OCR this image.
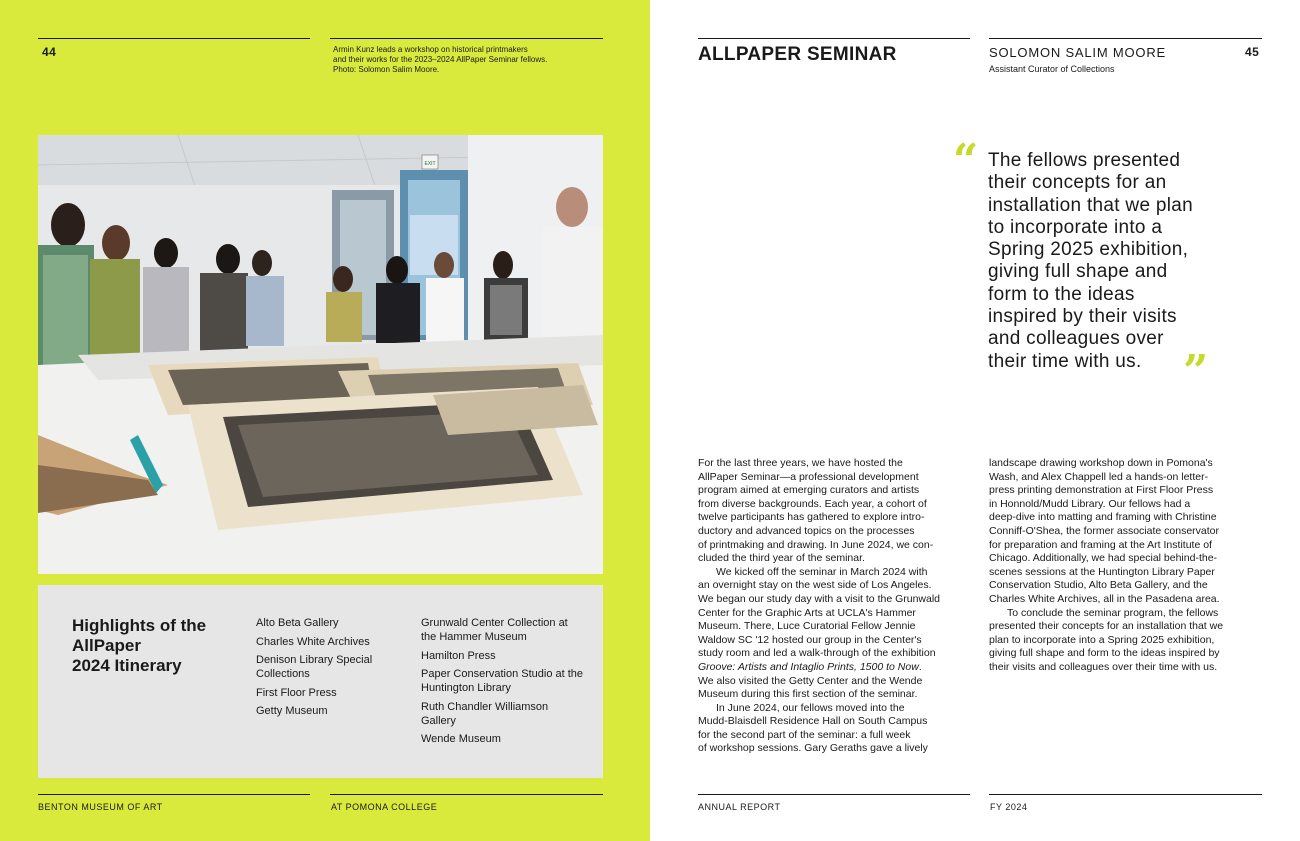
44	Armin Kunz leads a workshop on historical printmakers
and their works for the 2023–2024 AllPaper Seminar fellows.
Photo: Solomon Salim Moore.
EXIT
Highlights of the
AllPaper
2024 Itinerary
Alto Beta Gallery
Charles White Archives
Denison Library Special Collections
First Floor Press
Getty Museum
Grunwald Center Collection at the Hammer Museum
Hamilton Press
Paper Conservation Studio at the Huntington Library
Ruth Chandler Williamson Gallery
Wende Museum
BENTON MUSEUM OF ART	AT POMONA COLLEGE
ALLPAPER SEMINAR	SOLOMON SALIM MOORE
Assistant Curator of Collections
45
“ The fellows presented
their concepts for an
installation that we plan
to incorporate into a
Spring 2025 exhibition,
giving full shape and
form to the ideas
inspired by their visits
and colleagues over
their time with us. ”
For the last three years, we have hosted the
AllPaper Seminar—a professional development
program aimed at emerging curators and artists
from diverse backgrounds. Each year, a cohort of
twelve participants has gathered to explore intro-
ductory and advanced topics on the processes
of printmaking and drawing. In June 2024, we con-
cluded the third year of the seminar.
We kicked off the seminar in March 2024 with
an overnight stay on the west side of Los Angeles.
We began our study day with a visit to the Grunwald
Center for the Graphic Arts at UCLA's Hammer
Museum. There, Luce Curatorial Fellow Jennie
Waldow SC '12 hosted our group in the Center's
study room and led a walk-through of the exhibition
Groove: Artists and Intaglio Prints, 1500 to Now.
We also visited the Getty Center and the Wende
Museum during this first section of the seminar.
In June 2024, our fellows moved into the
Mudd-Blaisdell Residence Hall on South Campus
for the second part of the seminar: a full week
of workshop sessions. Gary Geraths gave a lively
landscape drawing workshop down in Pomona's
Wash, and Alex Chappell led a hands-on letter-
press printing demonstration at First Floor Press
in Honnold/Mudd Library. Our fellows had a
deep-dive into matting and framing with Christine
Conniff-O'Shea, the former associate conservator
for preparation and framing at the Art Institute of
Chicago. Additionally, we had special behind-the-
scenes sessions at the Huntington Library Paper
Conservation Studio, Alto Beta Gallery, and the
Charles White Archives, all in the Pasadena area.
To conclude the seminar program, the fellows
presented their concepts for an installation that we
plan to incorporate into a Spring 2025 exhibition,
giving full shape and form to the ideas inspired by
their visits and colleagues over their time with us.
ANNUAL REPORT	FY 2024
